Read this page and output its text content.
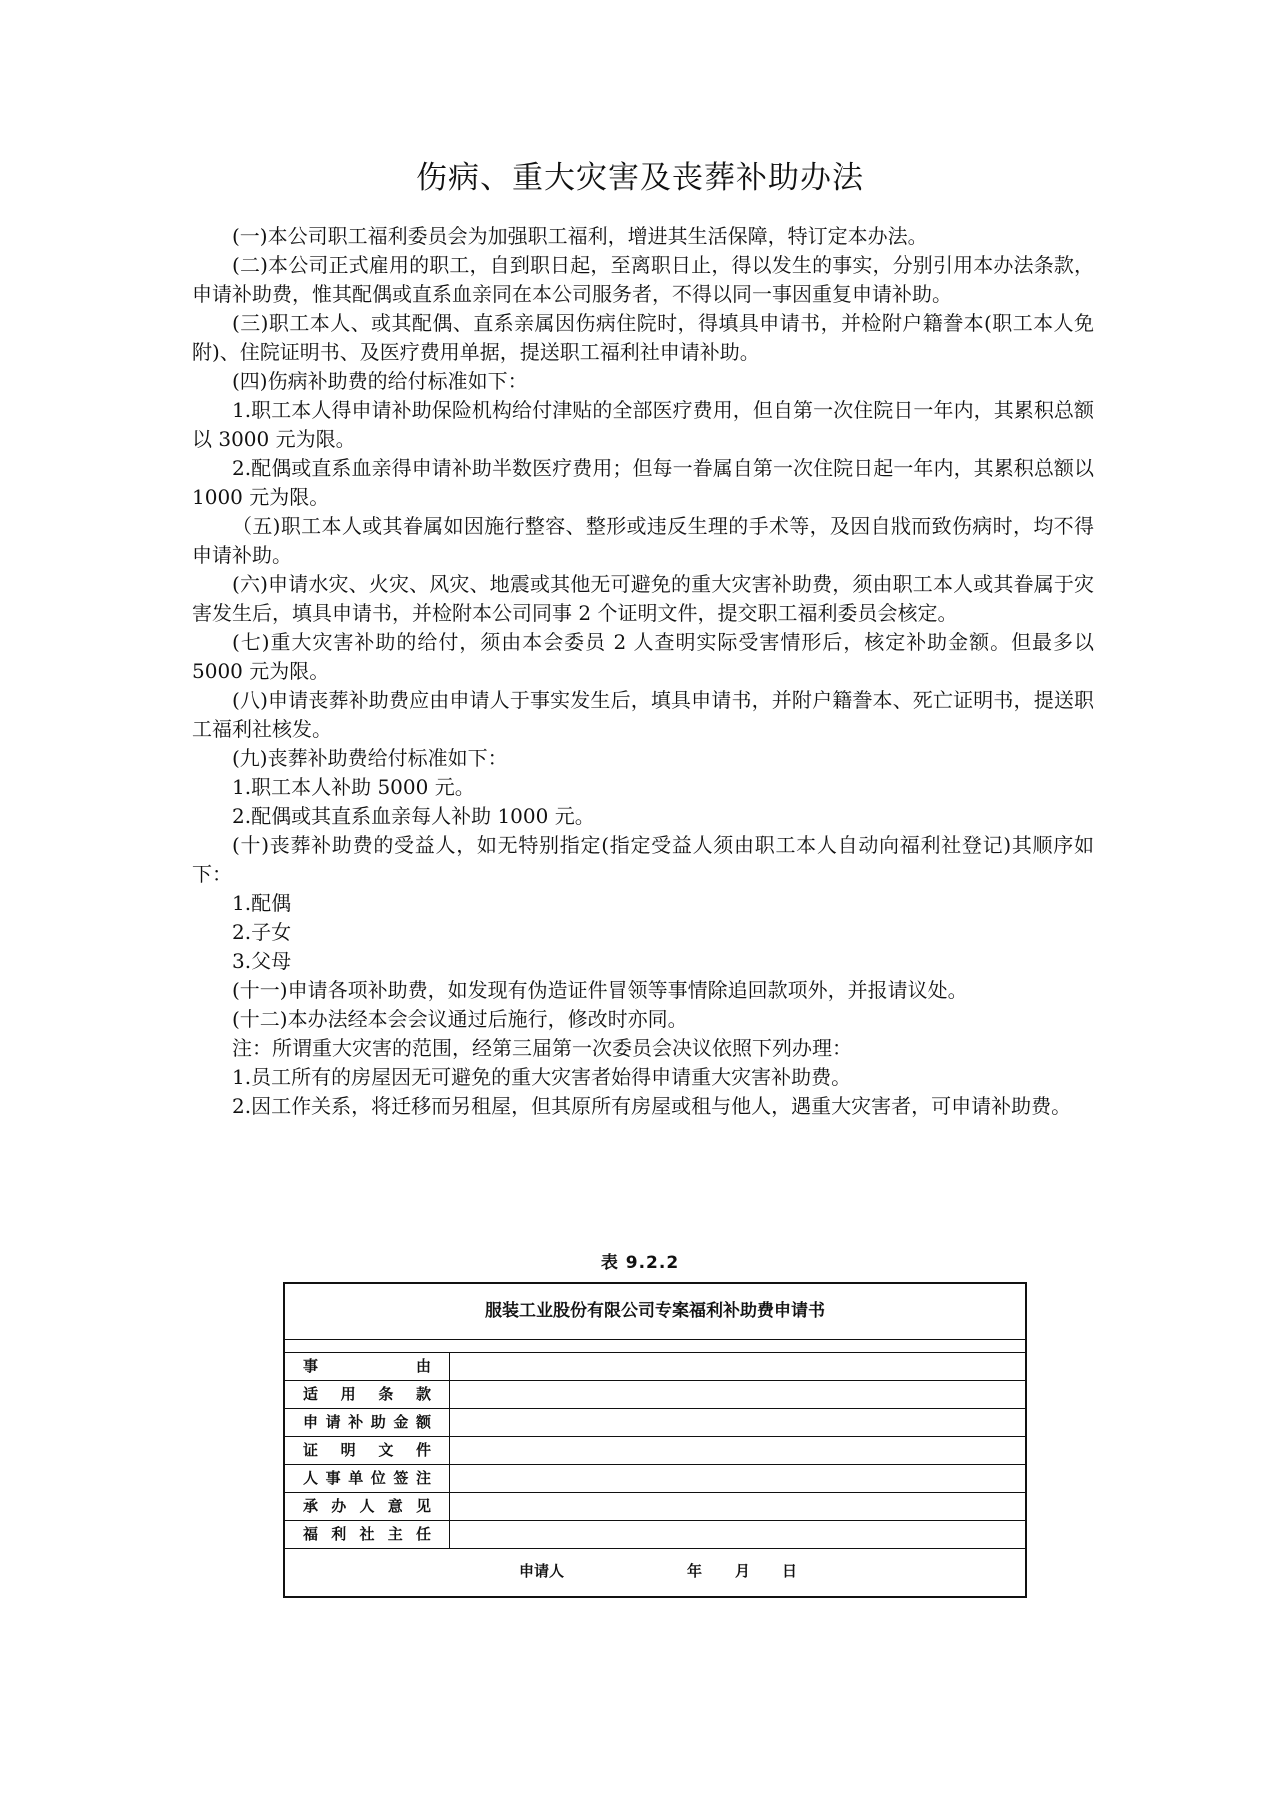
伤病、重大灾害及丧葬补助办法

(一)本公司职工福利委员会为加强职工福利，增进其生活保障，特订定本办法。

(二)本公司正式雇用的职工，自到职日起，至离职日止，得以发生的事实，分别引用本办法条款，申请补助费，惟其配偶或直系血亲同在本公司服务者，不得以同一事因重复申请补助。

(三)职工本人、或其配偶、直系亲属因伤病住院时，得填具申请书，并检附户籍誊本(职工本人免附)、住院证明书、及医疗费用单据，提送职工福利社申请补助。

(四)伤病补助费的给付标准如下：

1.职工本人得申请补助保险机构给付津贴的全部医疗费用，但自第一次住院日一年内，其累积总额以 3000 元为限。

2.配偶或直系血亲得申请补助半数医疗费用；但每一眷属自第一次住院日起一年内，其累积总额以 1000 元为限。

（五)职工本人或其眷属如因施行整容、整形或违反生理的手术等，及因自戕而致伤病时，均不得申请补助。

(六)申请水灾、火灾、风灾、地震或其他无可避免的重大灾害补助费，须由职工本人或其眷属于灾害发生后，填具申请书，并检附本公司同事 2 个证明文件，提交职工福利委员会核定。

(七)重大灾害补助的给付，须由本会委员 2 人查明实际受害情形后，核定补助金额。但最多以 5000 元为限。

(八)申请丧葬补助费应由申请人于事实发生后，填具申请书，并附户籍誊本、死亡证明书，提送职工福利社核发。

(九)丧葬补助费给付标准如下：

1.职工本人补助 5000 元。

2.配偶或其直系血亲每人补助 1000 元。

(十)丧葬补助费的受益人，如无特别指定(指定受益人须由职工本人自动向福利社登记)其顺序如下：

1.配偶

2.子女

3.父母

(十一)申请各项补助费，如发现有伪造证件冒领等事情除追回款项外，并报请议处。

(十二)本办法经本会会议通过后施行，修改时亦同。

注：所谓重大灾害的范围，经第三届第一次委员会决议依照下列办理：

1.员工所有的房屋因无可避免的重大灾害者始得申请重大灾害补助费。

2.因工作关系，将迁移而另租屋，但其原所有房屋或租与他人，遇重大灾害者，可申请补助费。

表 9.2.2
服装工业股份有限公司专案福利补助费申请书
事　　由
适用条款
申请补助金额
证明文件
人事单位签注
承办人意见
福利社主任
申请人	年 月 日
